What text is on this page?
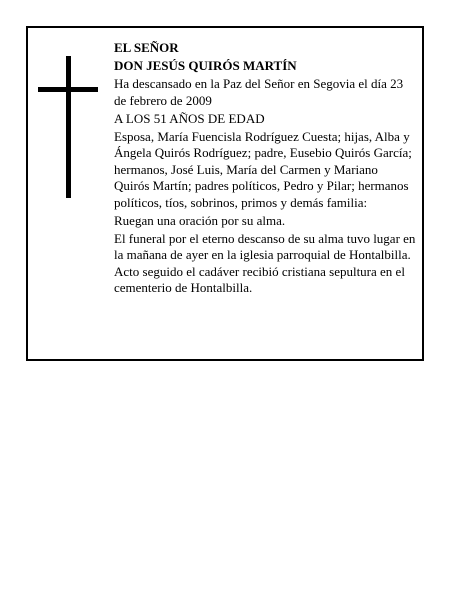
EL SEÑOR

DON JESÚS QUIRÓS MARTÍN

Ha descansado en la Paz del Señor en Segovia el día 23 de febrero de 2009

A LOS 51 AÑOS DE EDAD

Esposa, María Fuencisla Rodríguez Cuesta; hijas, Alba y Ángela Quirós Rodríguez; padre, Eusebio Quirós García; hermanos, José Luis, María del Carmen y Mariano Quirós Martín; padres políticos, Pedro y Pilar; hermanos políticos, tíos, sobrinos, primos y demás familia:

Ruegan una oración por su alma.

El funeral por el eterno descanso de su alma tuvo lugar en la mañana de ayer en la iglesia parroquial de Hontalbilla. Acto seguido el cadáver recibió cristiana sepultura en el cementerio de Hontalbilla.
